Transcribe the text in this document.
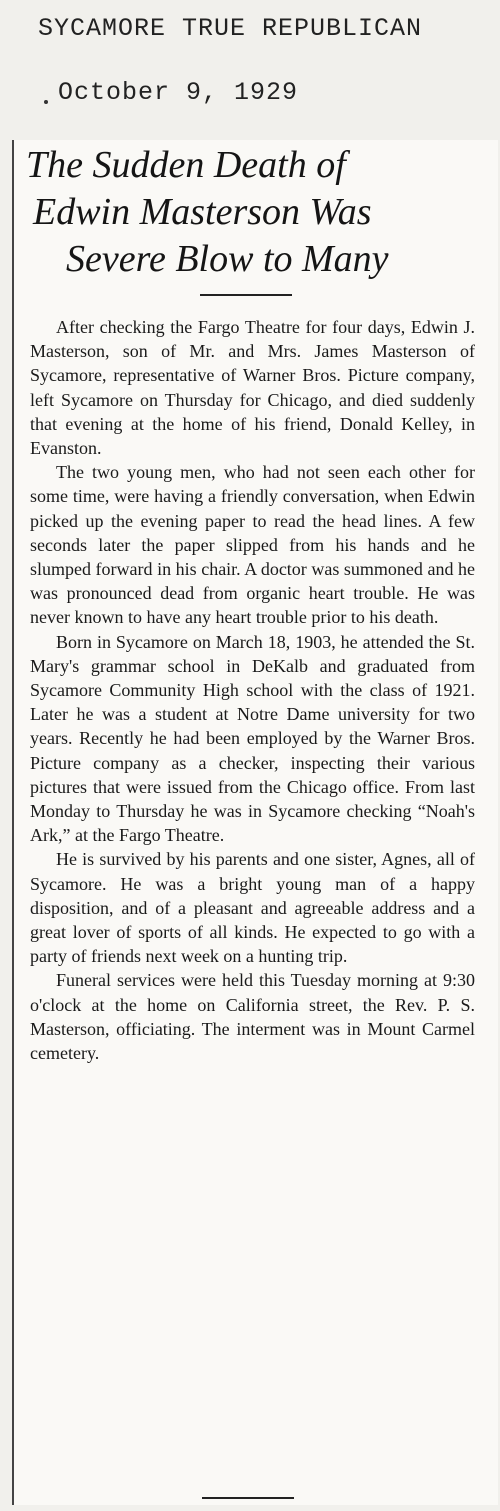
SYCAMORE TRUE REPUBLICAN
October 9, 1929
The Sudden Death of
Edwin Masterson Was
Severe Blow to Many

After checking the Fargo Theatre for four days, Edwin J. Masterson, son of Mr. and Mrs. James Masterson of Sycamore, representative of Warner Bros. Picture company, left Sycamore on Thursday for Chicago, and died suddenly that evening at the home of his friend, Donald Kelley, in Evanston.

The two young men, who had not seen each other for some time, were having a friendly conversation, when Edwin picked up the evening paper to read the head lines. A few seconds later the paper slipped from his hands and he slumped forward in his chair. A doctor was summoned and he was pronounced dead from organic heart trouble. He was never known to have any heart trouble prior to his death.

Born in Sycamore on March 18, 1903, he attended the St. Mary's grammar school in DeKalb and graduated from Sycamore Community High school with the class of 1921. Later he was a student at Notre Dame university for two years. Recently he had been employed by the Warner Bros. Picture company as a checker, inspecting their various pictures that were issued from the Chicago office. From last Monday to Thursday he was in Sycamore checking “Noah's Ark,” at the Fargo Theatre.

He is survived by his parents and one sister, Agnes, all of Sycamore. He was a bright young man of a happy disposition, and of a pleasant and agreeable address and a great lover of sports of all kinds. He expected to go with a party of friends next week on a hunting trip.

Funeral services were held this Tuesday morning at 9:30 o'clock at the home on California street, the Rev. P. S. Masterson, officiating. The interment was in Mount Carmel cemetery.
